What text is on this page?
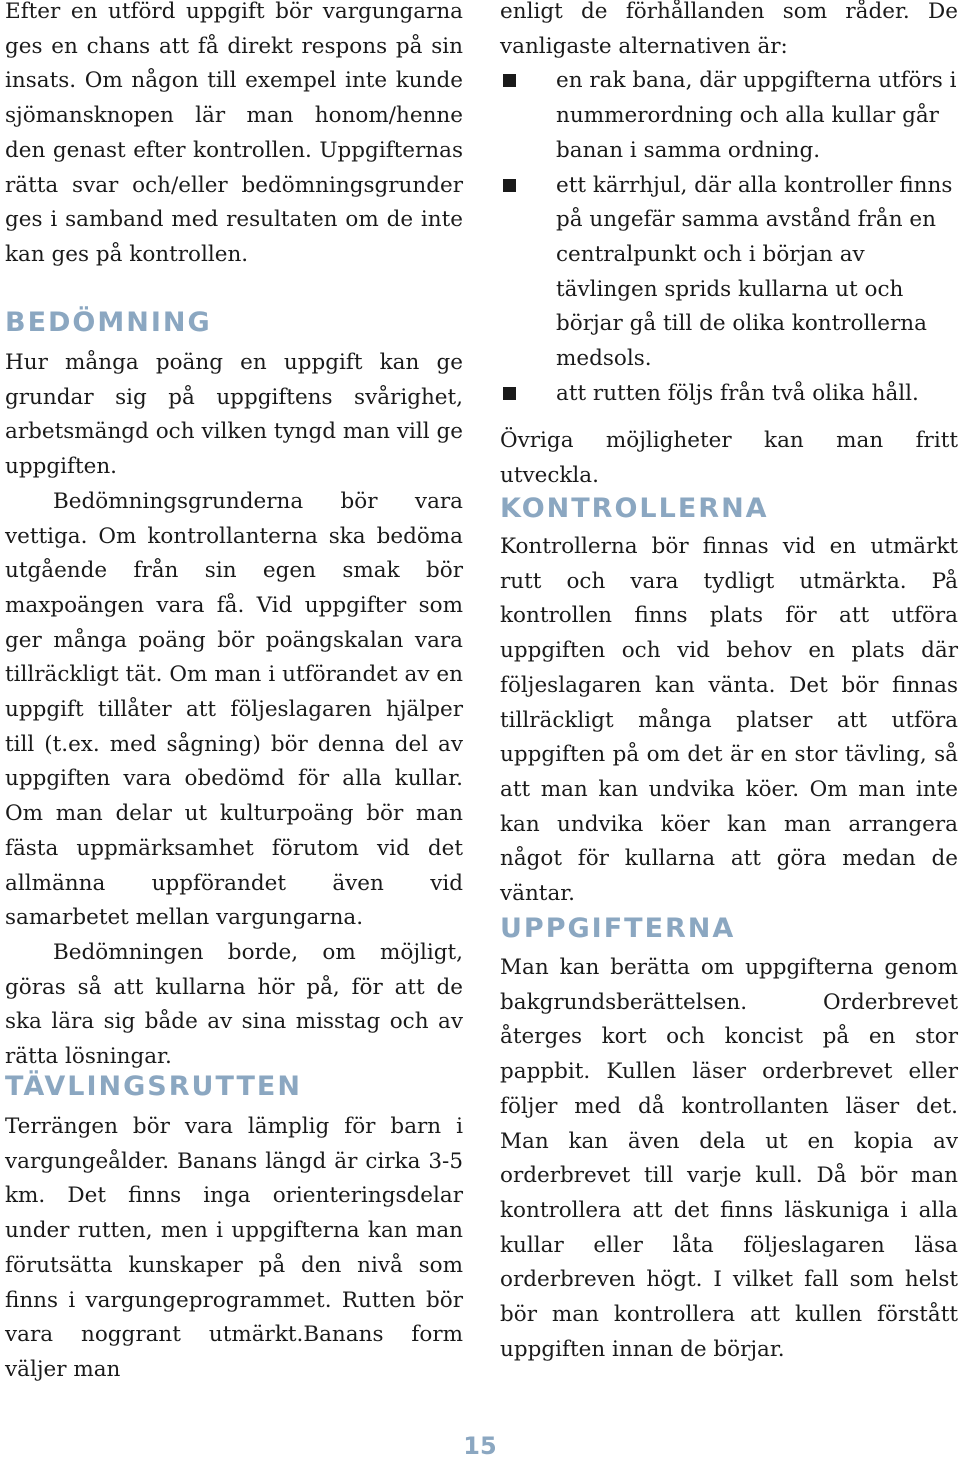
Efter en utförd uppgift bör vargungarna ges en chans att få direkt respons på sin insats. Om någon till exempel inte kunde sjömansknopen lär man honom/henne den genast efter kontrollen. Uppgifternas rätta svar och/eller bedömningsgrunder ges i samband med resultaten om de inte kan ges på kontrollen.

BEDÖMNING

Hur många poäng en uppgift kan ge grundar sig på uppgiftens svårighet, arbetsmängd och vilken tyngd man vill ge uppgiften.

Bedömningsgrunderna bör vara vettiga. Om kontrollanterna ska bedöma utgående från sin egen smak bör maxpoängen vara få. Vid uppgifter som ger många poäng bör poängskalan vara tillräckligt tät. Om man i utförandet av en uppgift tillåter att följeslagaren hjälper till (t.ex. med sågning) bör denna del av uppgiften vara obedömd för alla kullar. Om man delar ut kulturpoäng bör man fästa uppmärksamhet förutom vid det allmänna uppförandet även vid samarbetet mellan vargungarna.

Bedömningen borde, om möjligt, göras så att kullarna hör på, för att de ska lära sig både av sina misstag och av rätta lösningar.

TÄVLINGSRUTTEN

Terrängen bör vara lämplig för barn i vargungeålder. Banans längd är cirka 3-5 km. Det finns inga orienteringsdelar under rutten, men i uppgifterna kan man förutsätta kunskaper på den nivå som finns i vargungeprogrammet. Rutten bör vara noggrant utmärkt.Banans form väljer man

enligt de förhållanden som råder. De vanligaste alternativen är:

en rak bana, där uppgifterna utförs i nummerordning och alla kullar går banan i samma ordning.
ett kärrhjul, där alla kontroller finns på ungefär samma avstånd från en centralpunkt och i början av tävlingen sprids kullarna ut och börjar gå till de olika kontrollerna medsols.
att rutten följs från två olika håll.

Övriga möjligheter kan man fritt utveckla.

KONTROLLERNA

Kontrollerna bör finnas vid en utmärkt rutt och vara tydligt utmärkta. På kontrollen finns plats för att utföra uppgiften och vid behov en plats där följeslagaren kan vänta. Det bör finnas tillräckligt många platser att utföra uppgiften på om det är en stor tävling, så att man kan undvika köer. Om man inte kan undvika köer kan man arrangera något för kullarna att göra medan de väntar.

UPPGIFTERNA

Man kan berätta om uppgifterna genom bakgrundsberättelsen. Orderbrevet återges kort och koncist på en stor pappbit. Kullen läser orderbrevet eller följer med då kontrollanten läser det. Man kan även dela ut en kopia av orderbrevet till varje kull. Då bör man kontrollera att det finns läskuniga i alla kullar eller låta följeslagaren läsa orderbreven högt. I vilket fall som helst bör man kontrollera att kullen förstått uppgiften innan de börjar.

15
